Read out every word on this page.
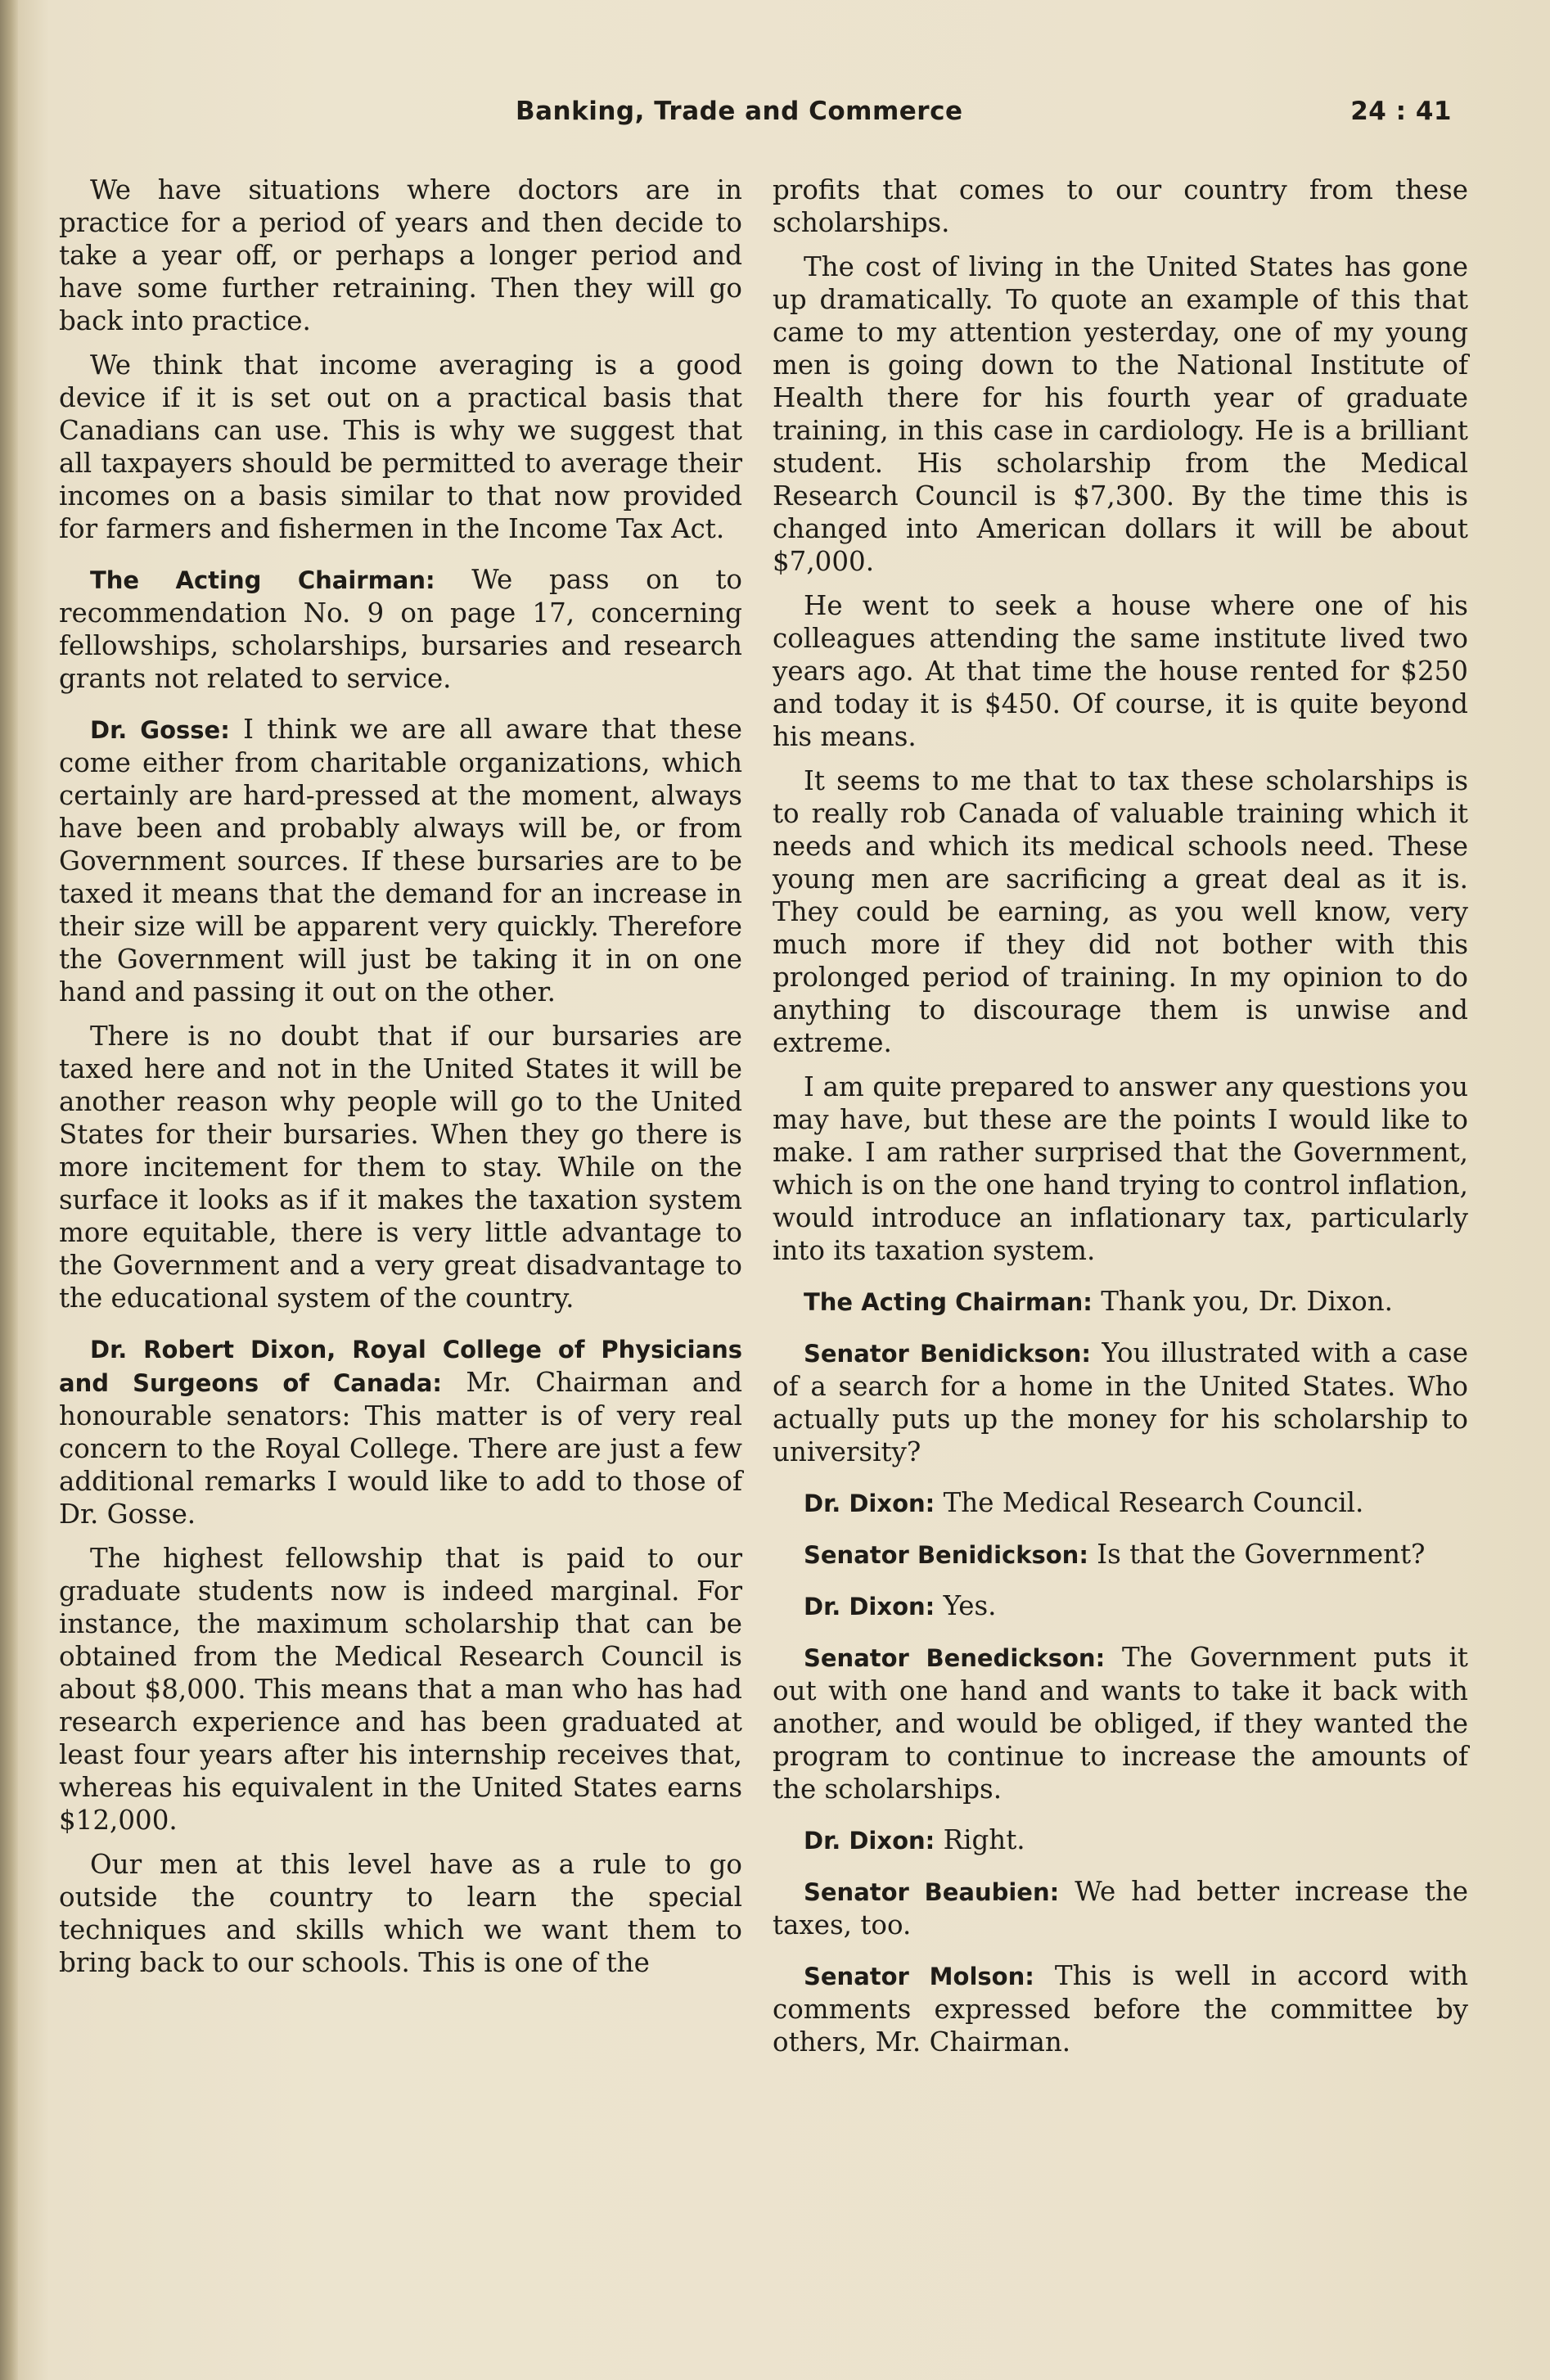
Banking, Trade and Commerce	24 : 41

We have situations where doctors are in practice for a period of years and then decide to take a year off, or perhaps a longer period and have some further retraining. Then they will go back into practice.

We think that income averaging is a good device if it is set out on a practical basis that Canadians can use. This is why we suggest that all taxpayers should be permitted to average their incomes on a basis similar to that now provided for farmers and fishermen in the Income Tax Act.

The Acting Chairman: We pass on to recommendation No. 9 on page 17, concerning fellowships, scholarships, bursaries and research grants not related to service.

Dr. Gosse: I think we are all aware that these come either from charitable organizations, which certainly are hard-pressed at the moment, always have been and probably always will be, or from Government sources. If these bursaries are to be taxed it means that the demand for an increase in their size will be apparent very quickly. Therefore the Government will just be taking it in on one hand and passing it out on the other.

There is no doubt that if our bursaries are taxed here and not in the United States it will be another reason why people will go to the United States for their bursaries. When they go there is more incitement for them to stay. While on the surface it looks as if it makes the taxation system more equitable, there is very little advantage to the Government and a very great disadvantage to the educational system of the country.

Dr. Robert Dixon, Royal College of Physicians and Surgeons of Canada: Mr. Chairman and honourable senators: This matter is of very real concern to the Royal College. There are just a few additional remarks I would like to add to those of Dr. Gosse.

The highest fellowship that is paid to our graduate students now is indeed marginal. For instance, the maximum scholarship that can be obtained from the Medical Research Council is about $8,000. This means that a man who has had research experience and has been graduated at least four years after his internship receives that, whereas his equivalent in the United States earns $12,000.

Our men at this level have as a rule to go outside the country to learn the special techniques and skills which we want them to bring back to our schools. This is one of the

profits that comes to our country from these scholarships.

The cost of living in the United States has gone up dramatically. To quote an example of this that came to my attention yesterday, one of my young men is going down to the National Institute of Health there for his fourth year of graduate training, in this case in cardiology. He is a brilliant student. His scholarship from the Medical Research Council is $7,300. By the time this is changed into American dollars it will be about $7,000.

He went to seek a house where one of his colleagues attending the same institute lived two years ago. At that time the house rented for $250 and today it is $450. Of course, it is quite beyond his means.

It seems to me that to tax these scholarships is to really rob Canada of valuable training which it needs and which its medical schools need. These young men are sacrificing a great deal as it is. They could be earning, as you well know, very much more if they did not bother with this prolonged period of training. In my opinion to do anything to discourage them is unwise and extreme.

I am quite prepared to answer any questions you may have, but these are the points I would like to make. I am rather surprised that the Government, which is on the one hand trying to control inflation, would introduce an inflationary tax, particularly into its taxation system.

The Acting Chairman: Thank you, Dr. Dixon.

Senator Benidickson: You illustrated with a case of a search for a home in the United States. Who actually puts up the money for his scholarship to university?

Dr. Dixon: The Medical Research Council.

Senator Benidickson: Is that the Government?

Dr. Dixon: Yes.

Senator Benedickson: The Government puts it out with one hand and wants to take it back with another, and would be obliged, if they wanted the program to continue to increase the amounts of the scholarships.

Dr. Dixon: Right.

Senator Beaubien: We had better increase the taxes, too.

Senator Molson: This is well in accord with comments expressed before the committee by others, Mr. Chairman.
